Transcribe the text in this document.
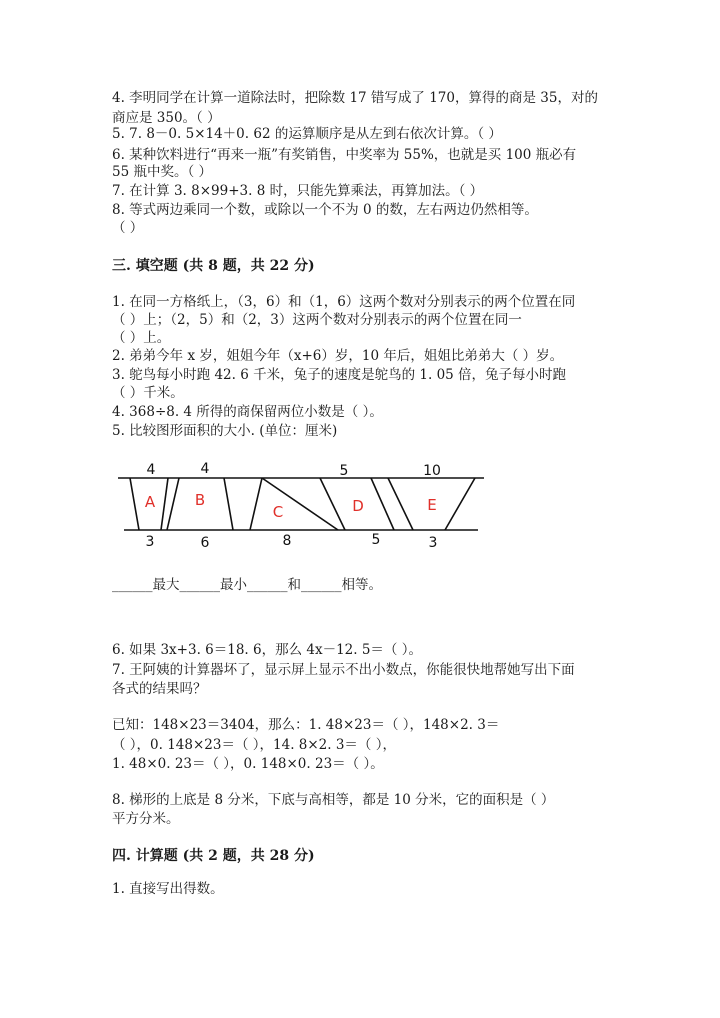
4. 李明同学在计算一道除法时，把除数 17 错写成了 170，算得的商是 35，对的
商应是 350。（ ）
5. 7. 8－0. 5×14＋0. 62 的运算顺序是从左到右依次计算。（ ）
6. 某种饮料进行“再来一瓶”有奖销售，中奖率为 55%，也就是买 100 瓶必有
55 瓶中奖。（ ）
7. 在计算 3. 8×99+3. 8 时，只能先算乘法，再算加法。（ ）
8. 等式两边乘同一个数，或除以一个不为 0 的数，左右两边仍然相等。
（ ）
三. 填空题 (共 8 题，共 22 分)
1. 在同一方格纸上，（3，6）和（1，6）这两个数对分别表示的两个位置在同
（ ）上；（2，5）和（2，3）这两个数对分别表示的两个位置在同一
（ ）上。
2. 弟弟今年 x 岁，姐姐今年（x+6）岁，10 年后，姐姐比弟弟大（ ）岁。
3. 鸵鸟每小时跑 42. 6 千米，兔子的速度是鸵鸟的 1. 05 倍，兔子每小时跑
（ ）千米。
4. 368÷8. 4 所得的商保留两位小数是（ ）。
5. 比较图形面积的大小. (单位：厘米)
4	4	5	10
3	6	8	5	3
A	B
C	D	E
______最大______最小______和______相等。
6. 如果 3x+3. 6＝18. 6，那么 4x－12. 5＝（ ）。
7. 王阿姨的计算器坏了，显示屏上显示不出小数点，你能很快地帮她写出下面
各式的结果吗？
已知：148×23＝3404，那么：1. 48×23＝（ ），148×2. 3＝
（ ），0. 148×23＝（ ），14. 8×2. 3＝（ ），
1. 48×0. 23＝（ ），0. 148×0. 23＝（ ）。
8. 梯形的上底是 8 分米，下底与高相等，都是 10 分米，它的面积是（ ）
平方分米。
四. 计算题 (共 2 题，共 28 分)
1. 直接写出得数。
